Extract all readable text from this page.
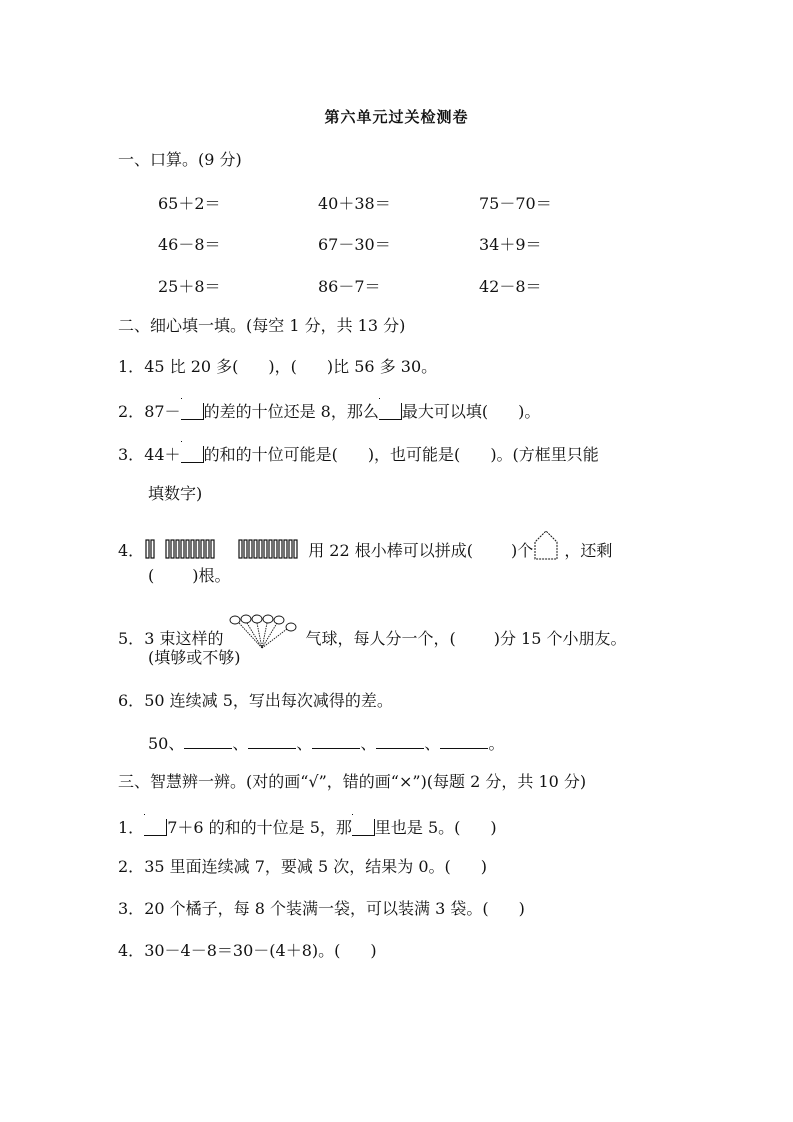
第六单元过关检测卷
一、口算。(9 分)
65＋2＝	40＋38＝	75－70＝
46－8＝	67－30＝	34＋9＝
25＋8＝	86－7＝	42－8＝
二、细心填一填。(每空 1 分，共 13 分)
1．45 比 20 多( )，( )比 56 多 30。
2．87－ 的差的十位还是 8，那么 最大可以填( )。
3．44＋ 的和的十位可能是( )，也可能是( )。(方框里只能
填数字)
4．	用 22 根小棒可以拼成( )个 ，还剩
( )根。
5．3 束这样的	气球，每人分一个，( )分 15 个小朋友。
(填够或不够)
6．50 连续减 5，写出每次减得的差。
50、	、	、	、	、	。
三、智慧辨一辨。(对的画“√”，错的画“×”)(每题 2 分，共 10 分)
1． 7＋6 的和的十位是 5，那 里也是 5。( )
2．35 里面连续减 7，要减 5 次，结果为 0。( )
3．20 个橘子，每 8 个装满一袋，可以装满 3 袋。( )
4．30－4－8＝30－(4＋8)。( )
